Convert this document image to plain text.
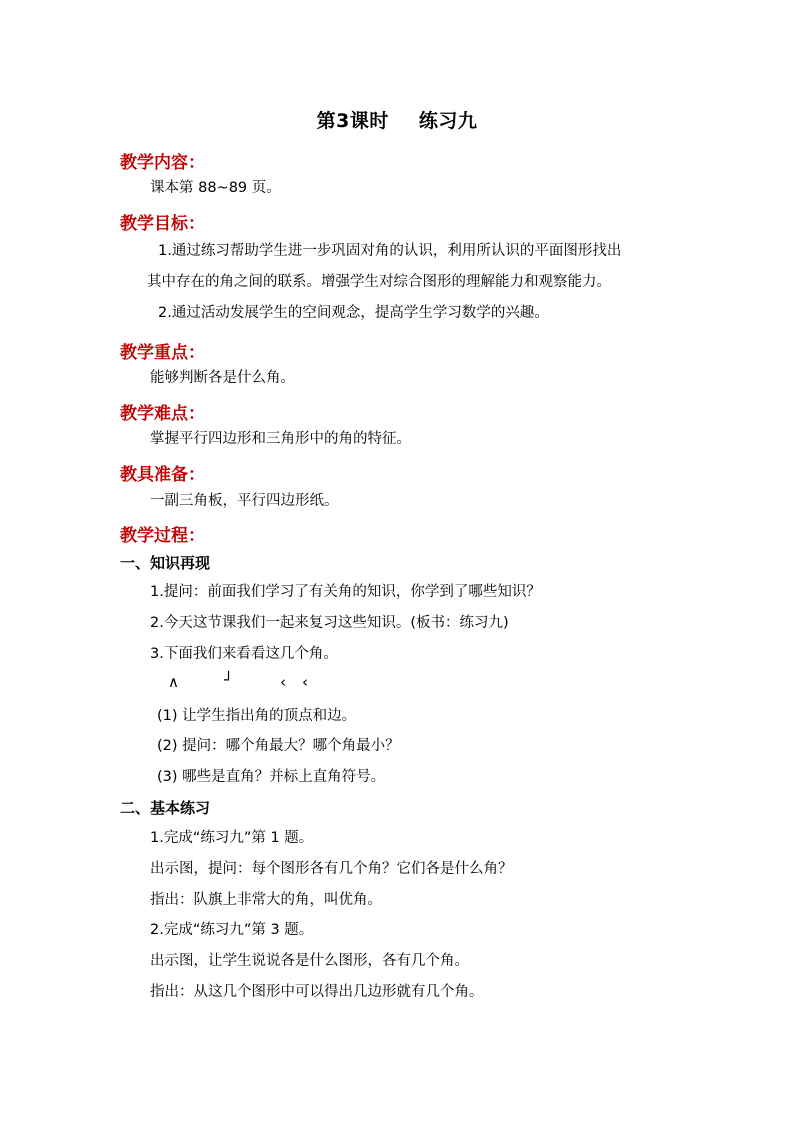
第3课时 练习九
教学内容：
课本第 88~89 页。
教学目标：
1.通过练习帮助学生进一步巩固对角的认识，利用所认识的平面图形找出
其中存在的角之间的联系。增强学生对综合图形的理解能力和观察能力。
2.通过活动发展学生的空间观念，提高学生学习数学的兴趣。
教学重点：
能够判断各是什么角。
教学难点：
掌握平行四边形和三角形中的角的特征。
教具准备：
一副三角板，平行四边形纸。
教学过程：
一、知识再现
1.提问：前面我们学习了有关角的知识，你学到了哪些知识？
2.今天这节课我们一起来复习这些知识。(板书：练习九)
3.下面我们来看看这几个角。
∧	┘	‹ ‹
(1) 让学生指出角的顶点和边。
(2) 提问：哪个角最大？哪个角最小？
(3) 哪些是直角？并标上直角符号。
二、基本练习
1.完成“练习九”第 1 题。
出示图，提问：每个图形各有几个角？它们各是什么角？
指出：队旗上非常大的角，叫优角。
2.完成“练习九”第 3 题。
出示图，让学生说说各是什么图形，各有几个角。
指出：从这几个图形中可以得出几边形就有几个角。
